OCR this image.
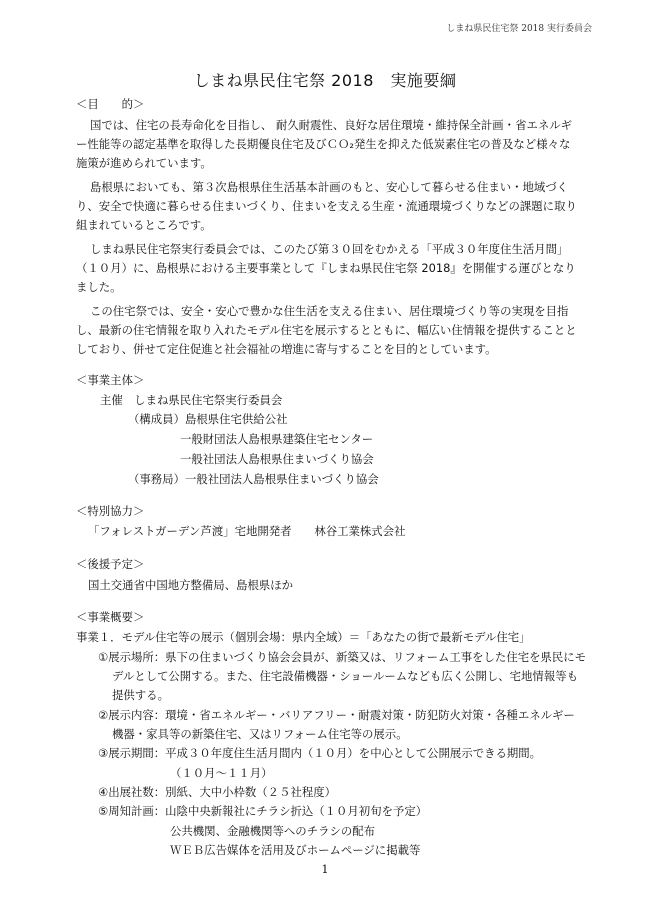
しまね県民住宅祭 2018 実行委員会
しまね県民住宅祭 2018　実施要綱
＜目　　的＞
国では、住宅の長寿命化を目指し、 耐久耐震性、良好な居住環境・維持保全計画・省エネルギ
ー性能等の認定基準を取得した長期優良住宅及びＣＯ₂発生を抑えた低炭素住宅の普及など様々な
施策が進められています。
島根県においても、第３次島根県住生活基本計画のもと、安心して暮らせる住まい・地域づく
り、安全で快適に暮らせる住まいづくり、住まいを支える生産・流通環境づくりなどの課題に取り
組まれているところです。
しまね県民住宅祭実行委員会では、このたび第３０回をむかえる「平成３０年度住生活月間」
（１０月）に、島根県における主要事業として『しまね県民住宅祭 2018』を開催する運びとなり
ました。
この住宅祭では、安全・安心で豊かな住生活を支える住まい、居住環境づくり等の実現を目指
し、最新の住宅情報を取り入れたモデル住宅を展示するとともに、幅広い住情報を提供することと
しており、併せて定住促進と社会福祉の増進に寄与することを目的としています。
＜事業主体＞
主催　しまね県民住宅祭実行委員会
（構成員）島根県住宅供給公社
一般財団法人島根県建築住宅センター
一般社団法人島根県住まいづくり協会
（事務局）一般社団法人島根県住まいづくり協会
＜特別協力＞
「フォレストガーデン芦渡」宅地開発者　　林谷工業株式会社
＜後援予定＞
国土交通省中国地方整備局、島根県ほか
＜事業概要＞
事業１．モデル住宅等の展示（個別会場：県内全域）＝「あなたの街で最新モデル住宅」
①展示場所：県下の住まいづくり協会会員が、新築又は、リフォーム工事をした住宅を県民にモ
デルとして公開する。また、住宅設備機器・ショールームなども広く公開し、宅地情報等も
提供する。
②展示内容：環境・省エネルギー・バリアフリー・耐震対策・防犯防火対策・各種エネルギー
機器・家具等の新築住宅、又はリフォーム住宅等の展示。
③展示期間：平成３０年度住生活月間内（１０月）を中心として公開展示できる期間。
（１０月～１１月）
④出展社数：別紙、大中小枠数（２５社程度）
⑤周知計画：山陰中央新報社にチラシ折込（１０月初旬を予定）
公共機関、金融機関等へのチラシの配布
ＷＥＢ広告媒体を活用及びホームページに掲載等
1
